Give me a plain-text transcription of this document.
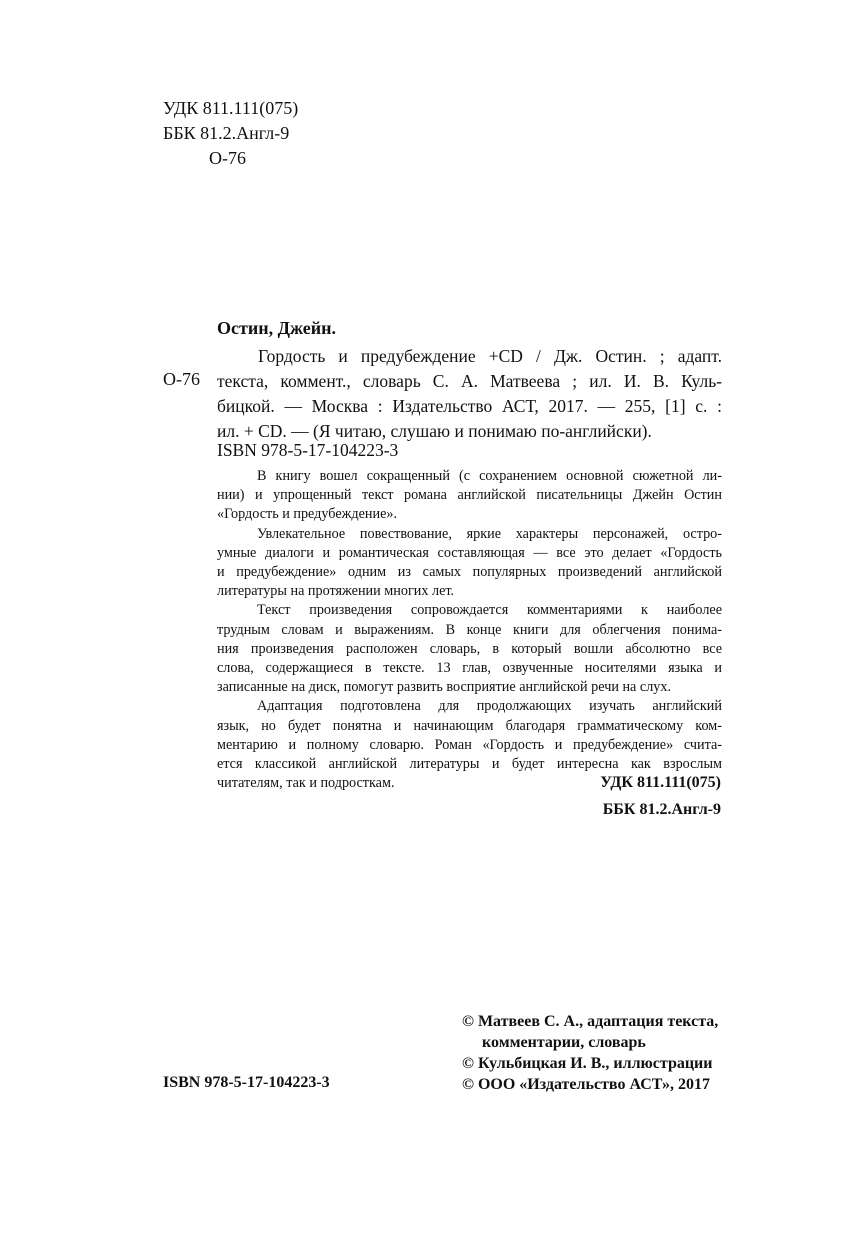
УДК 811.111(075)
ББК 81.2.Англ-9
О-76
Остин, Джейн.
О-76
Гордость и предубеждение +CD / Дж. Остин. ; адапт.
текста, коммент., словарь С. А. Матвеева ; ил. И. В. Куль-
бицкой. — Москва : Издательство АСТ, 2017. — 255, [1] с. :
ил. + CD. — (Я читаю, слушаю и понимаю по-английски).
ISBN 978-5-17-104223-3
В книгу вошел сокращенный (с сохранением основной сюжетной ли-
нии) и упрощенный текст романа английской писательницы Джейн Остин
«Гордость и предубеждение».
Увлекательное повествование, яркие характеры персонажей, остро-
умные диалоги и романтическая составляющая — все это делает «Гордость
и предубеждение» одним из самых популярных произведений английской
литературы на протяжении многих лет.
Текст произведения сопровождается комментариями к наиболее
трудным словам и выражениям. В конце книги для облегчения понима-
ния произведения расположен словарь, в который вошли абсолютно все
слова, содержащиеся в тексте. 13 глав, озвученные носителями языка и
записанные на диск, помогут развить восприятие английской речи на слух.
Адаптация подготовлена для продолжающих изучать английский
язык, но будет понятна и начинающим благодаря грамматическому ком-
ментарию и полному словарю. Роман «Гордость и предубеждение» счита-
ется классикой английской литературы и будет интересна как взрослым
читателям, так и подросткам.	УДК 811.111(075)
ББК 81.2.Англ-9
© Матвеев С. А., адаптация текста,
комментарии, словарь
© Кульбицкая И. В., иллюстрации
© ООО «Издательство АСТ», 2017
ISBN 978-5-17-104223-3
